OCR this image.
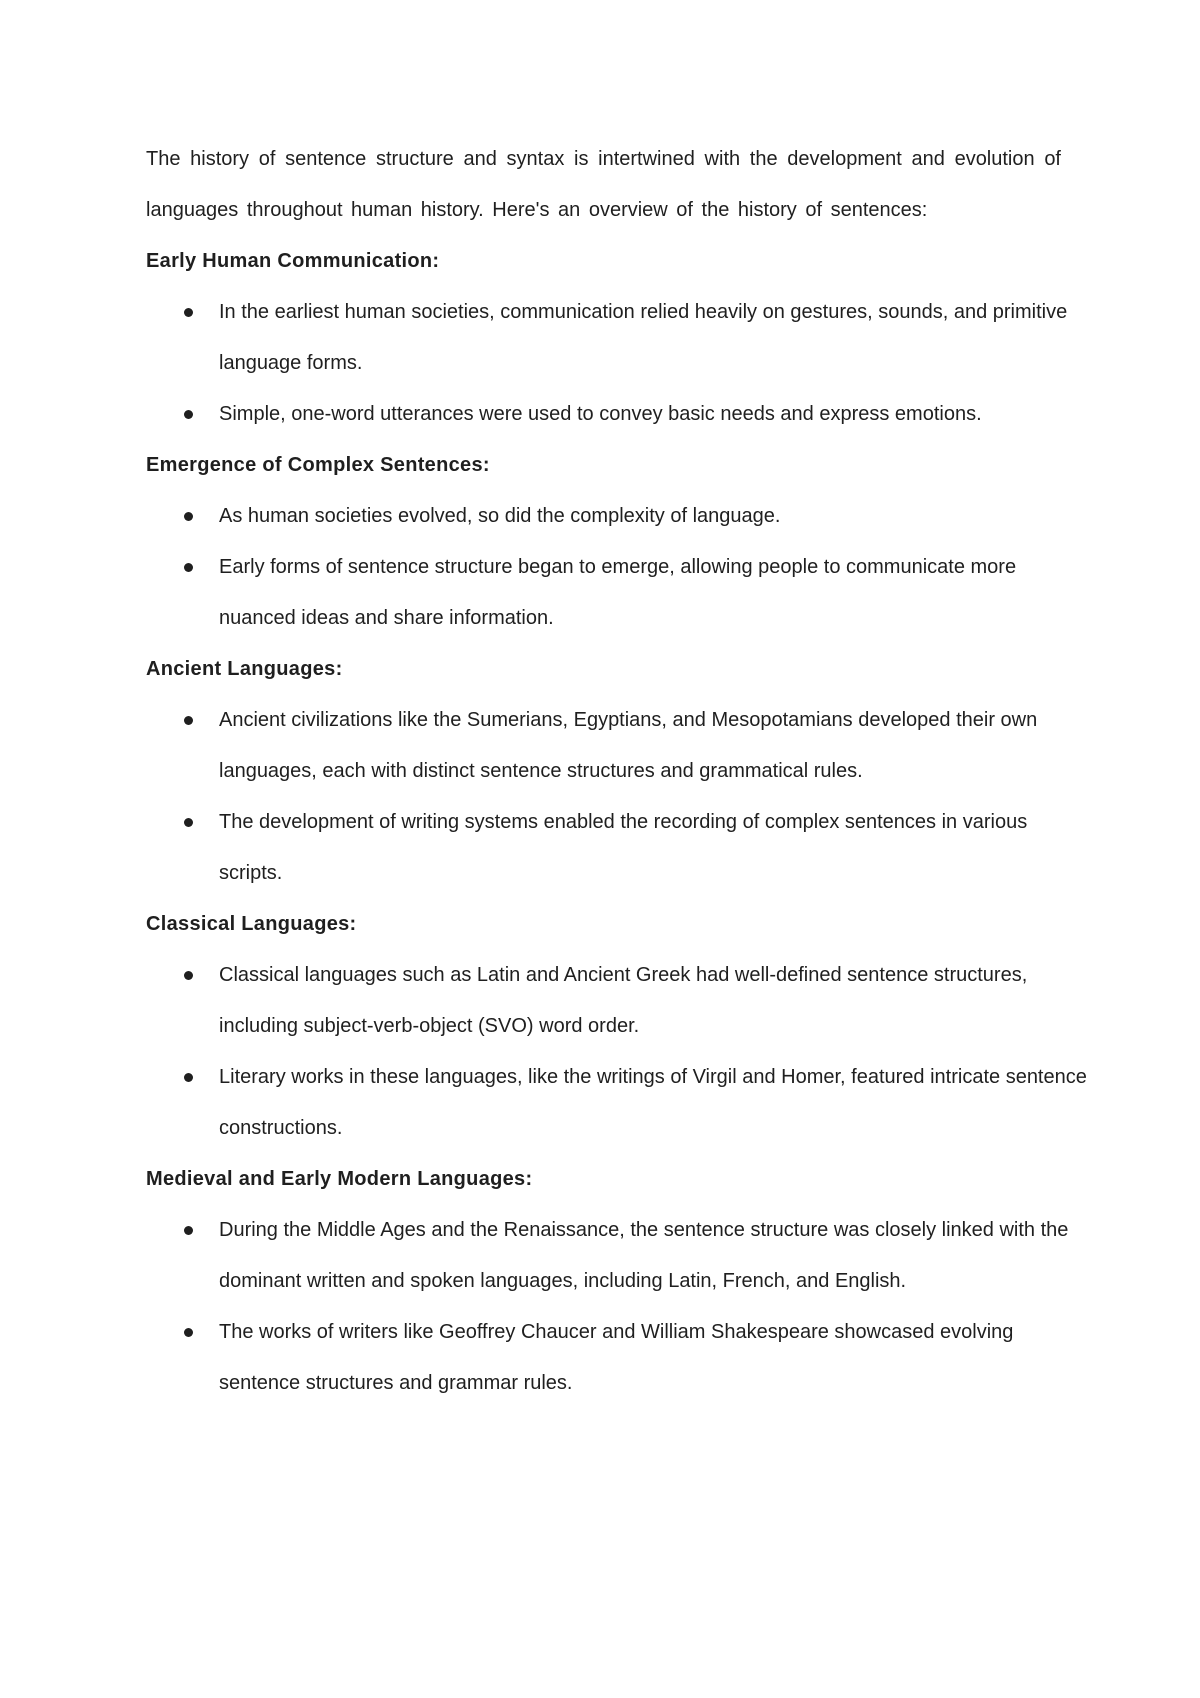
The history of sentence structure and syntax is intertwined with the development and evolution of languages throughout human history. Here's an overview of the history of sentences:

Early Human Communication:
In the earliest human societies, communication relied heavily on gestures, sounds, and primitive language forms.
Simple, one-word utterances were used to convey basic needs and express emotions.
Emergence of Complex Sentences:
As human societies evolved, so did the complexity of language.
Early forms of sentence structure began to emerge, allowing people to communicate more nuanced ideas and share information.
Ancient Languages:
Ancient civilizations like the Sumerians, Egyptians, and Mesopotamians developed their own languages, each with distinct sentence structures and grammatical rules.
The development of writing systems enabled the recording of complex sentences in various scripts.
Classical Languages:
Classical languages such as Latin and Ancient Greek had well-defined sentence structures, including subject-verb-object (SVO) word order.
Literary works in these languages, like the writings of Virgil and Homer, featured intricate sentence constructions.
Medieval and Early Modern Languages:
During the Middle Ages and the Renaissance, the sentence structure was closely linked with the dominant written and spoken languages, including Latin, French, and English.
The works of writers like Geoffrey Chaucer and William Shakespeare showcased evolving sentence structures and grammar rules.
